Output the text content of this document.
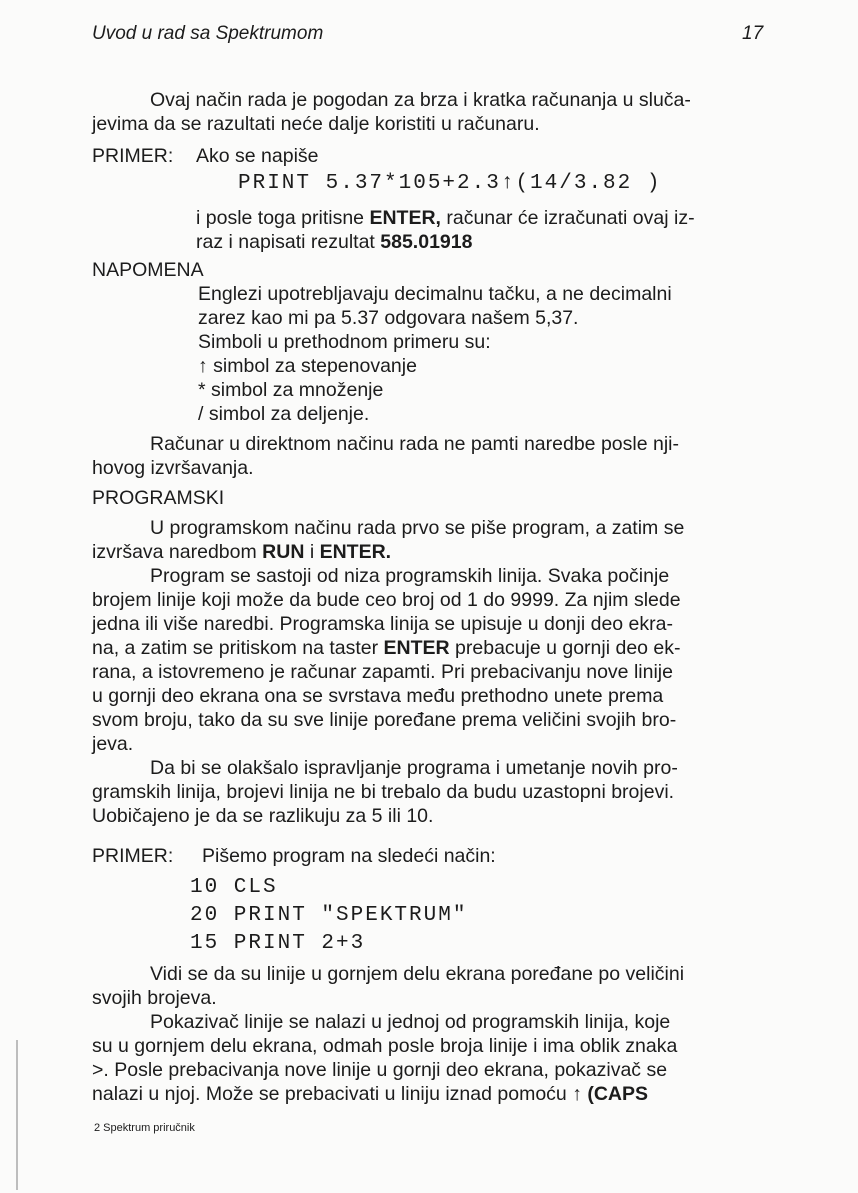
Uvod u rad sa Spektrumom	17
Ovaj način rada je pogodan za brza i kratka računanja u sluča-
jevima da se razultati neće dalje koristiti u računaru.
PRIMER: Ako se napiše
PRINT 5.37*105+2.3↑(14/3.82 )
i posle toga pritisne ENTER, računar će izračunati ovaj iz-
raz i napisati rezultat 585.01918
NAPOMENA
Englezi upotrebljavaju decimalnu tačku, a ne decimalni
zarez kao mi pa 5.37 odgovara našem 5,37.
Simboli u prethodnom primeru su:
↑ simbol za stepenovanje
* simbol za množenje
/ simbol za deljenje.
Računar u direktnom načinu rada ne pamti naredbe posle nji-
hovog izvršavanja.
PROGRAMSKI
U programskom načinu rada prvo se piše program, a zatim se
izvršava naredbom RUN i ENTER.
Program se sastoji od niza programskih linija. Svaka počinje
brojem linije koji može da bude ceo broj od 1 do 9999. Za njim slede
jedna ili više naredbi. Programska linija se upisuje u donji deo ekra-
na, a zatim se pritiskom na taster ENTER prebacuje u gornji deo ek-
rana, a istovremeno je računar zapamti. Pri prebacivanju nove linije
u gornji deo ekrana ona se svrstava među prethodno unete prema
svom broju, tako da su sve linije poređane prema veličini svojih bro-
jeva.
Da bi se olakšalo ispravljanje programa i umetanje novih pro-
gramskih linija, brojevi linija ne bi trebalo da budu uzastopni brojevi.
Uobičajeno je da se razlikuju za 5 ili 10.
PRIMER: Pišemo program na sledeći način:
10 CLS
20 PRINT "SPEKTRUM"
15 PRINT 2+3
Vidi se da su linije u gornjem delu ekrana poređane po veličini
svojih brojeva.
Pokazivač linije se nalazi u jednoj od programskih linija, koje
su u gornjem delu ekrana, odmah posle broja linije i ima oblik znaka
>. Posle prebacivanja nove linije u gornji deo ekrana, pokazivač se
nalazi u njoj. Može se prebacivati u liniju iznad pomoću ↑ (CAPS
2 Spektrum priručnik
